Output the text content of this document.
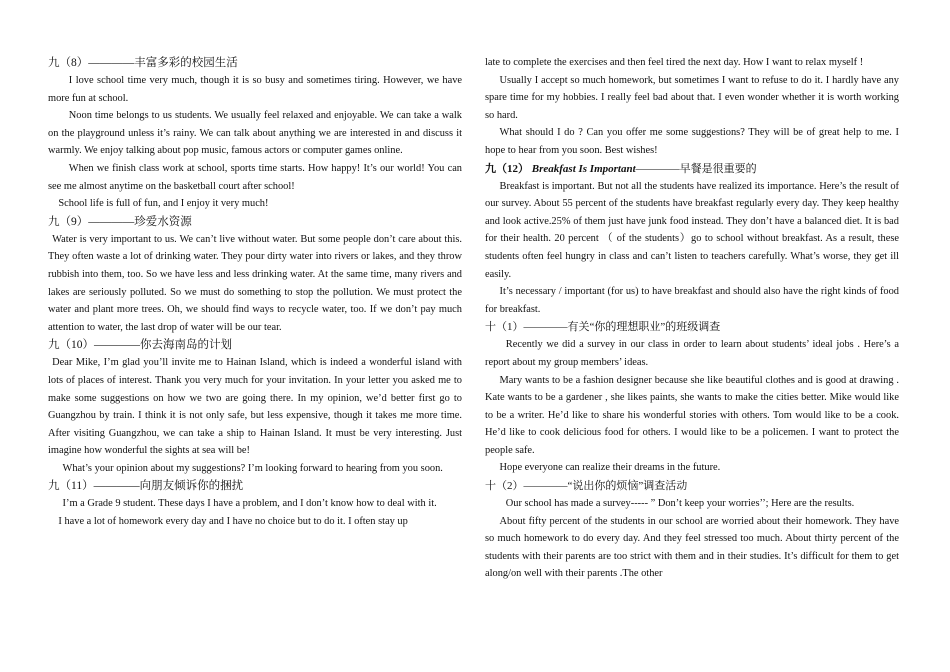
九（8）————丰富多彩的校园生活

I love school time very much, though it is so busy and sometimes tiring. However, we have more fun at school.

Noon time belongs to us students. We usually feel relaxed and enjoyable. We can take a walk on the playground unless it’s rainy. We can talk about anything we are interested in and discuss it warmly. We enjoy talking about pop music, famous actors or computer games online.

When we finish class work at school, sports time starts. How happy! It’s our world! You can see me almost anytime on the basketball court after school!

School life is full of fun, and I enjoy it very much!

九（9）————珍爱水资源

Water is very important to us. We can’t live without water. But some people don’t care about this. They often waste a lot of drinking water. They pour dirty water into rivers or lakes, and they throw rubbish into them, too. So we have less and less drinking water. At the same time, many rivers and lakes are seriously polluted. So we must do something to stop the pollution. We must protect the water and plant more trees. Oh, we should find ways to recycle water, too. If we don’t pay much attention to water, the last drop of water will be our tear.

九（10）————你去海南岛的计划

Dear Mike, I’m glad you’ll invite me to Hainan Island, which is indeed a wonderful island with lots of places of interest. Thank you very much for your invitation. In your letter you asked me to make some suggestions on how we two are going there. In my opinion, we’d better first go to Guangzhou by train. I think it is not only safe, but less expensive, though it takes me more time. After visiting Guangzhou, we can take a ship to Hainan Island. It must be very interesting. Just imagine how wonderful the sights at sea will be!

What’s your opinion about my suggestions? I’m looking forward to hearing from you soon.

九（11）————向朋友倾诉你的捆扰

I’m a Grade 9 student. These days I have a problem, and I don’t know how to deal with it.

I have a lot of homework every day and I have no choice but to do it. I often stay up

late to complete the exercises and then feel tired the next day. How I want to relax myself !

Usually I accept so much homework, but sometimes I want to refuse to do it. I hardly have any spare time for my hobbies. I really feel bad about that. I even wonder whether it is worth working so hard.

What should I do ? Can you offer me some suggestions? They will be of great help to me. I hope to hear from you soon. Best wishes!

九（12） Breakfast Is Important————早餐是很重要的

Breakfast is important. But not all the students have realized its importance. Here’s the result of our survey. About 55 percent of the students have breakfast regularly every day. They keep healthy and look active.25% of them just have junk food instead. They don’t have a balanced diet. It is bad for their health. 20 percent （ of the students）go to school without breakfast. As a result, these students often feel hungry in class and can’t listen to teachers carefully. What’s worse, they get ill easily.

It’s necessary / important (for us) to have breakfast and should also have the right kinds of food for breakfast.

十（1）————有关“你的理想职业”的班级调查

Recently we did a survey in our class in order to learn about students’ ideal jobs . Here’s a report about my group members’ ideas.

Mary wants to be a fashion designer because she like beautiful clothes and is good at drawing . Kate wants to be a gardener , she likes paints, she wants to make the cities better. Mike would like to be a writer. He’d like to share his wonderful stories with others. Tom would like to be a cook. He’d like to cook delicious food for others. I would like to be a policemen. I want to protect the people safe.

Hope everyone can realize their dreams in the future.

十（2）————“说出你的烦恼”调查活动

Our school has made a survey----- ” Don’t keep your worries’’; Here are the results.

About fifty percent of the students in our school are worried about their homework. They have so much homework to do every day. And they feel stressed too much. About thirty percent of the students with their parents are too strict with them and in their studies. It’s difficult for them to get along/on well with their parents .The other
